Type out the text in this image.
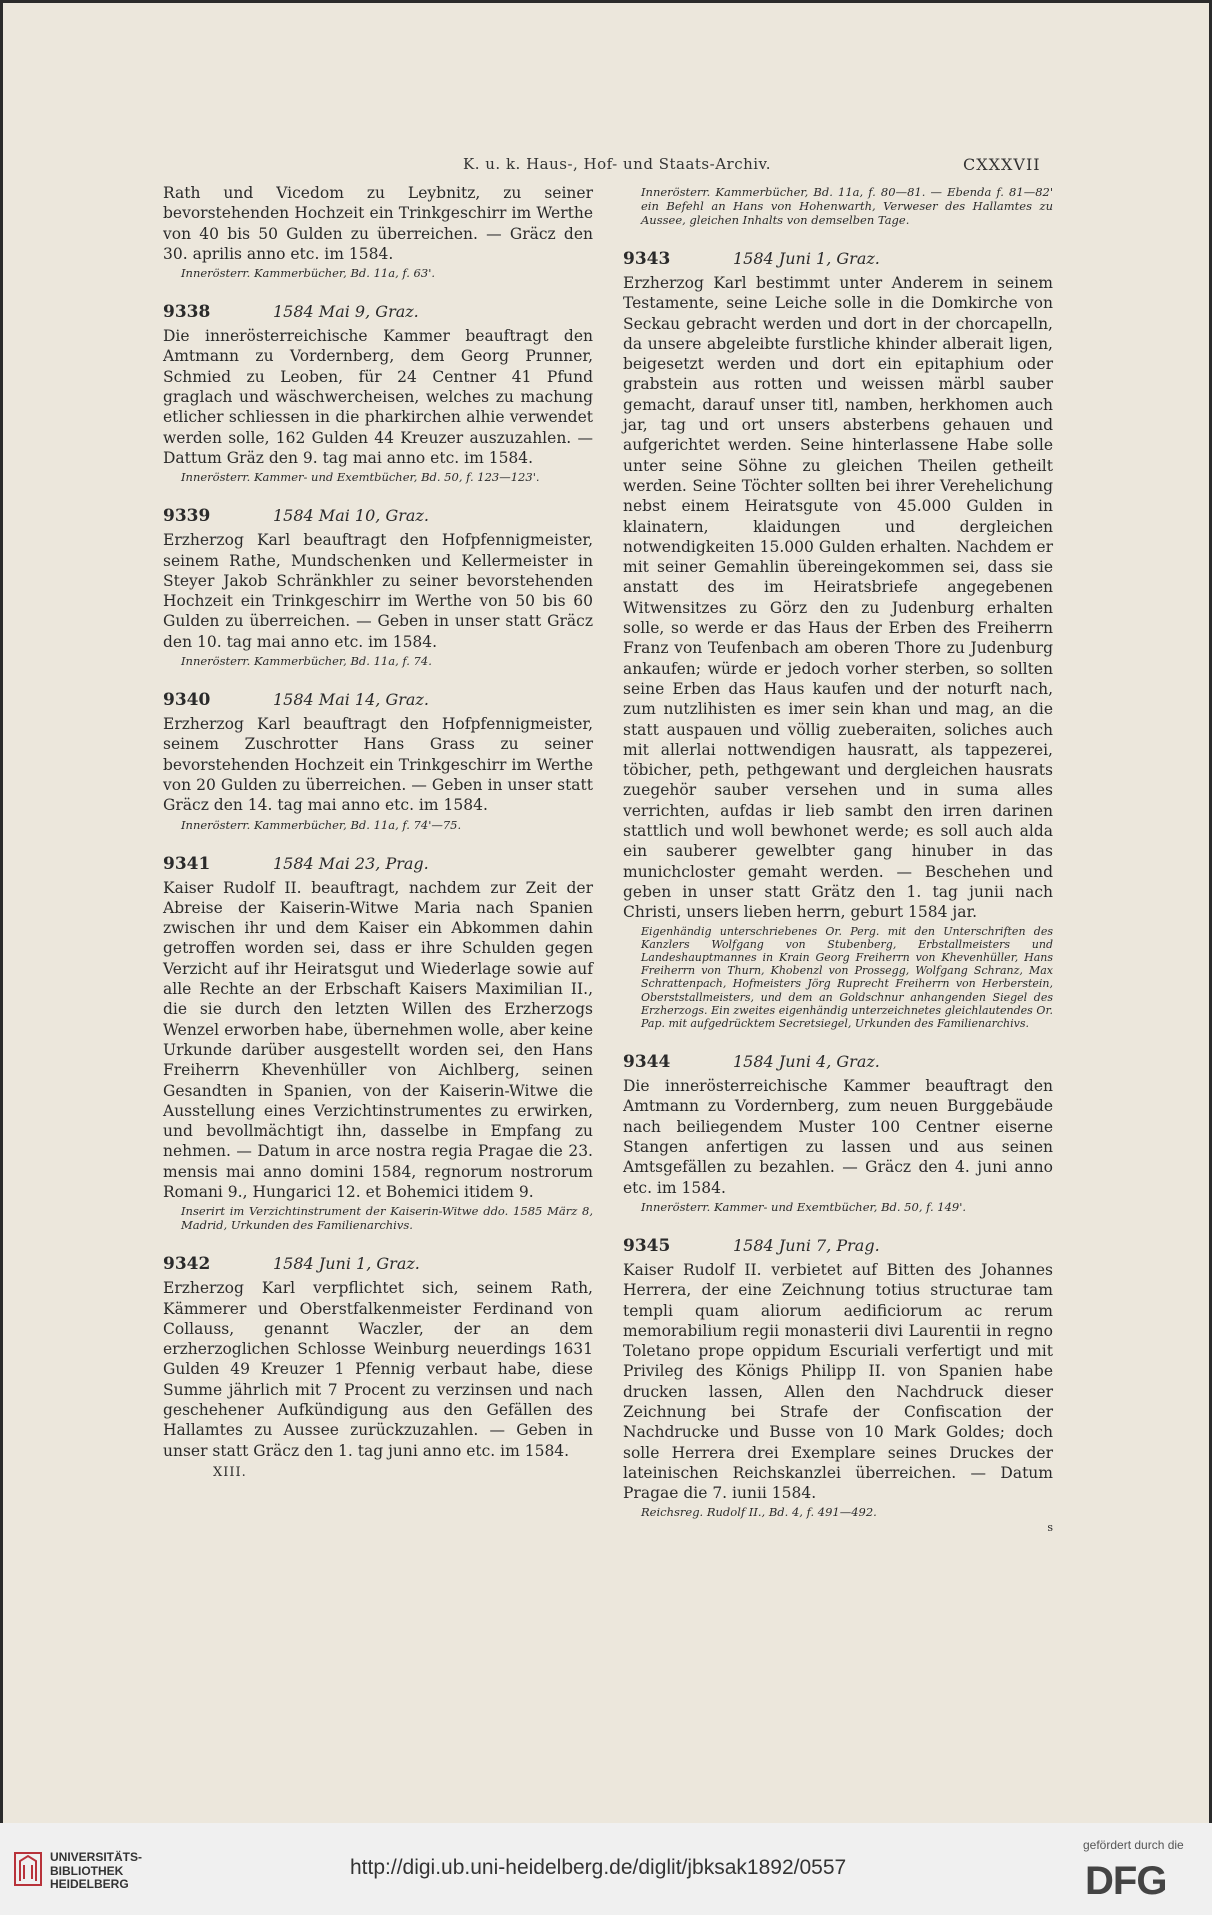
K. u. k. Haus-, Hof- und Staats-Archiv.	CXXXVII
Rath und Vicedom zu Leybnitz, zu seiner bevorstehenden Hochzeit ein Trinkgeschirr im Werthe von 40 bis 50 Gulden zu überreichen. — Gräcz den 30. aprilis anno etc. im 1584.
Innerösterr. Kammerbücher, Bd. 11a, f. 63'.
9338	1584 Mai 9, Graz.
Die innerösterreichische Kammer beauftragt den Amtmann zu Vordernberg, dem Georg Prunner, Schmied zu Leoben, für 24 Centner 41 Pfund graglach und wäschwercheisen, welches zu machung etlicher schliessen in die pharkirchen alhie verwendet werden solle, 162 Gulden 44 Kreuzer auszuzahlen. — Dattum Gräz den 9. tag mai anno etc. im 1584.
Innerösterr. Kammer- und Exemtbücher, Bd. 50, f. 123—123'.
9339	1584 Mai 10, Graz.
Erzherzog Karl beauftragt den Hofpfennigmeister, seinem Rathe, Mundschenken und Kellermeister in Steyer Jakob Schränkhler zu seiner bevorstehenden Hochzeit ein Trinkgeschirr im Werthe von 50 bis 60 Gulden zu überreichen. — Geben in unser statt Gräcz den 10. tag mai anno etc. im 1584.
Innerösterr. Kammerbücher, Bd. 11a, f. 74.
9340	1584 Mai 14, Graz.
Erzherzog Karl beauftragt den Hofpfennigmeister, seinem Zuschrotter Hans Grass zu seiner bevorstehenden Hochzeit ein Trinkgeschirr im Werthe von 20 Gulden zu überreichen. — Geben in unser statt Gräcz den 14. tag mai anno etc. im 1584.
Innerösterr. Kammerbücher, Bd. 11a, f. 74'—75.
9341	1584 Mai 23, Prag.
Kaiser Rudolf II. beauftragt, nachdem zur Zeit der Abreise der Kaiserin-Witwe Maria nach Spanien zwischen ihr und dem Kaiser ein Abkommen dahin getroffen worden sei, dass er ihre Schulden gegen Verzicht auf ihr Heiratsgut und Wiederlage sowie auf alle Rechte an der Erbschaft Kaisers Maximilian II., die sie durch den letzten Willen des Erzherzogs Wenzel erworben habe, übernehmen wolle, aber keine Urkunde darüber ausgestellt worden sei, den Hans Freiherrn Khevenhüller von Aichlberg, seinen Gesandten in Spanien, von der Kaiserin-Witwe die Ausstellung eines Verzichtinstrumentes zu erwirken, und bevollmächtigt ihn, dasselbe in Empfang zu nehmen. — Datum in arce nostra regia Pragae die 23. mensis mai anno domini 1584, regnorum nostrorum Romani 9., Hungarici 12. et Bohemici itidem 9.
Inserirt im Verzichtinstrument der Kaiserin-Witwe ddo. 1585 März 8, Madrid, Urkunden des Familienarchivs.
9342	1584 Juni 1, Graz.
Erzherzog Karl verpflichtet sich, seinem Rath, Kämmerer und Oberstfalkenmeister Ferdinand von Collauss, genannt Waczler, der an dem erzherzoglichen Schlosse Weinburg neuerdings 1631 Gulden 49 Kreuzer 1 Pfennig verbaut habe, diese Summe jährlich mit 7 Procent zu verzinsen und nach geschehener Aufkündigung aus den Gefällen des Hallamtes zu Aussee zurückzuzahlen. — Geben in unser statt Gräcz den 1. tag juni anno etc. im 1584.
XIII.
Innerösterr. Kammerbücher, Bd. 11a, f. 80—81. — Ebenda f. 81—82' ein Befehl an Hans von Hohenwarth, Verweser des Hallamtes zu Aussee, gleichen Inhalts von demselben Tage.
9343	1584 Juni 1, Graz.
Erzherzog Karl bestimmt unter Anderem in seinem Testamente, seine Leiche solle in die Domkirche von Seckau gebracht werden und dort in der chorcapelln, da unsere abgeleibte furstliche khinder alberait ligen, beigesetzt werden und dort ein epitaphium oder grabstein aus rotten und weissen märbl sauber gemacht, darauf unser titl, namben, herkhomen auch jar, tag und ort unsers absterbens gehauen und aufgerichtet werden. Seine hinterlassene Habe solle unter seine Söhne zu gleichen Theilen getheilt werden. Seine Töchter sollten bei ihrer Verehelichung nebst einem Heiratsgute von 45.000 Gulden in klainatern, klaidungen und dergleichen notwendigkeiten 15.000 Gulden erhalten. Nachdem er mit seiner Gemahlin übereingekommen sei, dass sie anstatt des im Heiratsbriefe angegebenen Witwensitzes zu Görz den zu Judenburg erhalten solle, so werde er das Haus der Erben des Freiherrn Franz von Teufenbach am oberen Thore zu Judenburg ankaufen; würde er jedoch vorher sterben, so sollten seine Erben das Haus kaufen und der noturft nach, zum nutzlihisten es imer sein khan und mag, an die statt auspauen und völlig zueberaiten, soliches auch mit allerlai nottwendigen hausratt, als tappezerei, töbicher, peth, pethgewant und dergleichen hausrats zuegehör sauber versehen und in suma alles verrichten, aufdas ir lieb sambt den irren darinen stattlich und woll bewhonet werde; es soll auch alda ein sauberer gewelbter gang hinuber in das munichcloster gemaht werden. — Beschehen und geben in unser statt Grätz den 1. tag junii nach Christi, unsers lieben herrn, geburt 1584 jar.
Eigenhändig unterschriebenes Or. Perg. mit den Unterschriften des Kanzlers Wolfgang von Stubenberg, Erbstallmeisters und Landeshauptmannes in Krain Georg Freiherrn von Khevenhüller, Hans Freiherrn von Thurn, Khobenzl von Prossegg, Wolfgang Schranz, Max Schrattenpach, Hofmeisters Jörg Ruprecht Freiherrn von Herberstein, Oberststallmeisters, und dem an Goldschnur anhangenden Siegel des Erzherzogs. Ein zweites eigenhändig unterzeichnetes gleichlautendes Or. Pap. mit aufgedrücktem Secretsiegel, Urkunden des Familienarchivs.
9344	1584 Juni 4, Graz.
Die innerösterreichische Kammer beauftragt den Amtmann zu Vordernberg, zum neuen Burggebäude nach beiliegendem Muster 100 Centner eiserne Stangen anfertigen zu lassen und aus seinen Amtsgefällen zu bezahlen. — Gräcz den 4. juni anno etc. im 1584.
Innerösterr. Kammer- und Exemtbücher, Bd. 50, f. 149'.
9345	1584 Juni 7, Prag.
Kaiser Rudolf II. verbietet auf Bitten des Johannes Herrera, der eine Zeichnung totius structurae tam templi quam aliorum aedificiorum ac rerum memorabilium regii monasterii divi Laurentii in regno Toletano prope oppidum Escuriali verfertigt und mit Privileg des Königs Philipp II. von Spanien habe drucken lassen, Allen den Nachdruck dieser Zeichnung bei Strafe der Confiscation der Nachdrucke und Busse von 10 Mark Goldes; doch solle Herrera drei Exemplare seines Druckes der lateinischen Reichskanzlei überreichen. — Datum Pragae die 7. iunii 1584.
Reichsreg. Rudolf II., Bd. 4, f. 491—492.
s
UNIVERSITÄTS-
BIBLIOTHEK
HEIDELBERG
http://digi.ub.uni-heidelberg.de/diglit/jbksak1892/0557
gefördert durch die
DFG
